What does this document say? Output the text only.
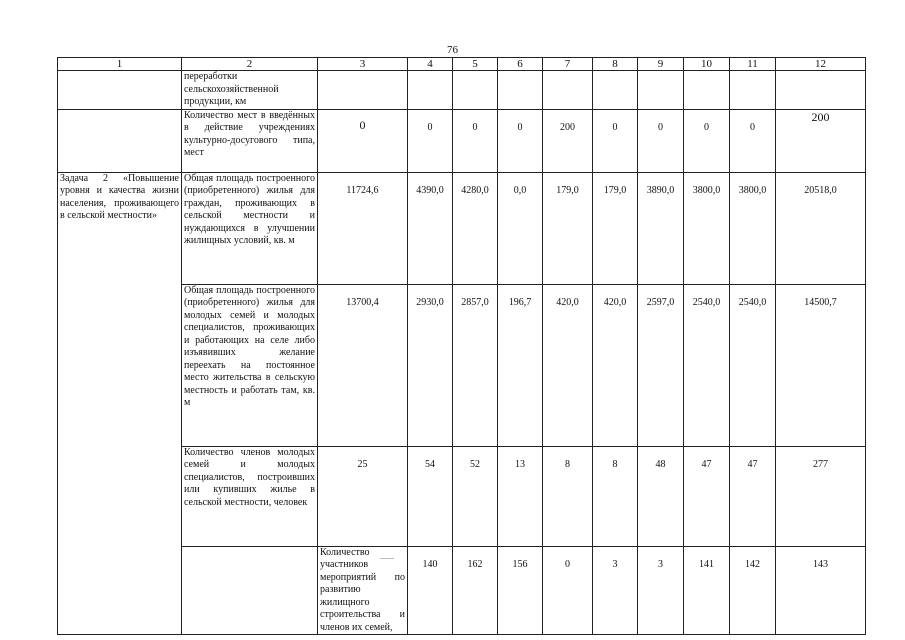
76
1	2	3	4	5	6	7	8	9	10	11	12	
	переработки сельскохозяйственной продукции, км											
	Количество мест в введённых в действие учреждениях культурно-досугового типа, мест	0	0	0	0	200	0	0	0	0	200	
Задача 2 «Повышение уровня и качества жизни населения, проживающего в сельской местности»	Общая площадь построенного (приобретенного) жилья для граждан, проживающих в сельской местности и нуждающихся в улучшении жилищных условий, кв. м	11724,6	4390,0	4280,0	0,0	179,0	179,0	3890,0	3800,0	3800,0	20518,0	
	Общая площадь построенного (приобретенного) жилья для молодых семей и молодых специалистов, проживающих и работающих на селе либо изъявивших желание переехать на постоянное место жительства в сельскую местность и работать там, кв. м	13700,4	2930,0	2857,0	196,7	420,0	420,0	2597,0	2540,0	2540,0	14500,7	
	Количество членов молодых семей и молодых специалистов, построивших или купивших жилье в сельской местности, человек	25	54	52	13	8	8	48	47	47	277	
		Количество участников мероприятий по развитию жилищного строительства и членов их семей,	140	162	156	0	3	3	141	142	143	
